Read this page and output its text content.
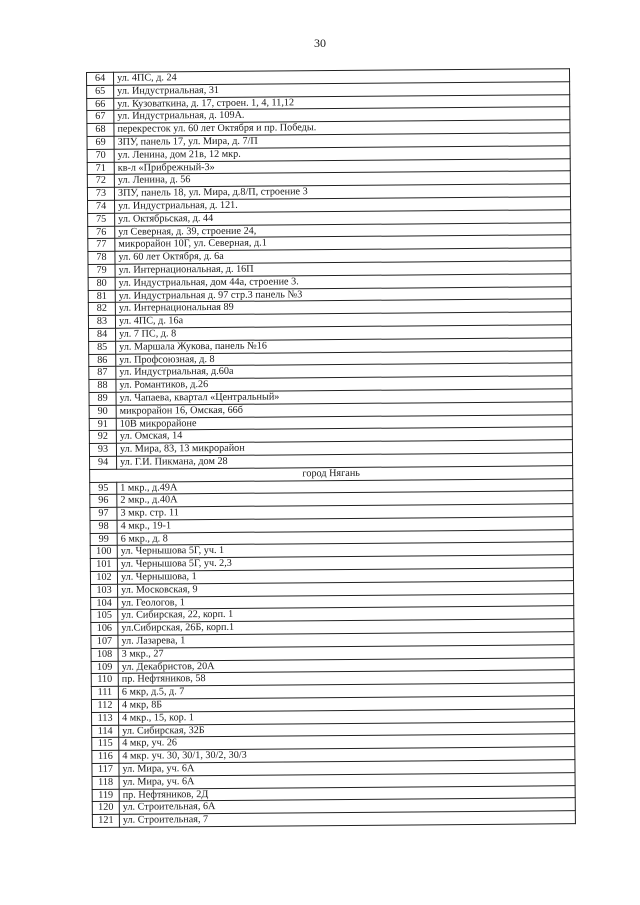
30
64	ул. 4ПС, д. 24
65	ул. Индустриальная, 31
66	ул. Кузоваткина, д. 17, строен. 1, 4, 11,12
67	ул. Индустриальная, д. 109А.
68	перекресток ул. 60 лет Октября и пр. Победы.
69	ЗПУ, панель 17, ул. Мира, д. 7/П
70	ул. Ленина, дом 21в, 12 мкр.
71	кв-л «Прибрежный-3»
72	ул. Ленина, д. 56
73	ЗПУ, панель 18, ул. Мира, д.8/П, строение 3
74	ул. Индустриальная, д. 121.
75	ул. Октябрьская, д. 44
76	ул Северная, д. 39, строение 24,
77	микрорайон 10Г, ул. Северная, д.1
78	ул. 60 лет Октября, д. 6а
79	ул. Интернациональная, д. 16П
80	ул. Индустриальная, дом 44а, строение 3.
81	ул. Индустриальная д. 97 стр.3 панель №3
82	ул. Интернациональная 89
83	ул. 4ПС, д. 16а
84	ул. 7 ПС, д. 8
85	ул. Маршала Жукова, панель №16
86	ул. Профсоюзная, д. 8
87	ул. Индустриальная, д.60а
88	ул. Романтиков, д.26
89	ул. Чапаева, квартал «Центральный»
90	микрорайон 16, Омская, 66б
91	10В микрорайоне
92	ул. Омская, 14
93	ул. Мира, 83, 13 микрорайон
94	ул. Г.И. Пикмана, дом 28
город Нягань	
95	1 мкр., д.49А
96	2 мкр., д.40А
97	3 мкр. стр. 11
98	4 мкр., 19-1
99	6 мкр., д. 8
100	ул. Чернышова 5Г, уч. 1
101	ул. Чернышова 5Г, уч. 2,3
102	ул. Чернышова, 1
103	ул. Московская, 9
104	ул. Геологов, 1
105	ул. Сибирская, 22, корп. 1
106	ул.Сибирская, 26Б, корп.1
107	ул. Лазарева, 1
108	3 мкр., 27
109	ул. Декабристов, 20А
110	пр. Нефтяников, 58
111	6 мкр, д.5, д. 7
112	4 мкр, 8Б
113	4 мкр., 15, кор. 1
114	ул. Сибирская, 32Б
115	4 мкр, уч. 26
116	4 мкр. уч. 30, 30/1, 30/2, 30/3
117	ул. Мира, уч. 6А
118	ул. Мира, уч. 6А
119	пр. Нефтяников, 2Д
120	ул. Строительная, 6А
121	ул. Строительная, 7
